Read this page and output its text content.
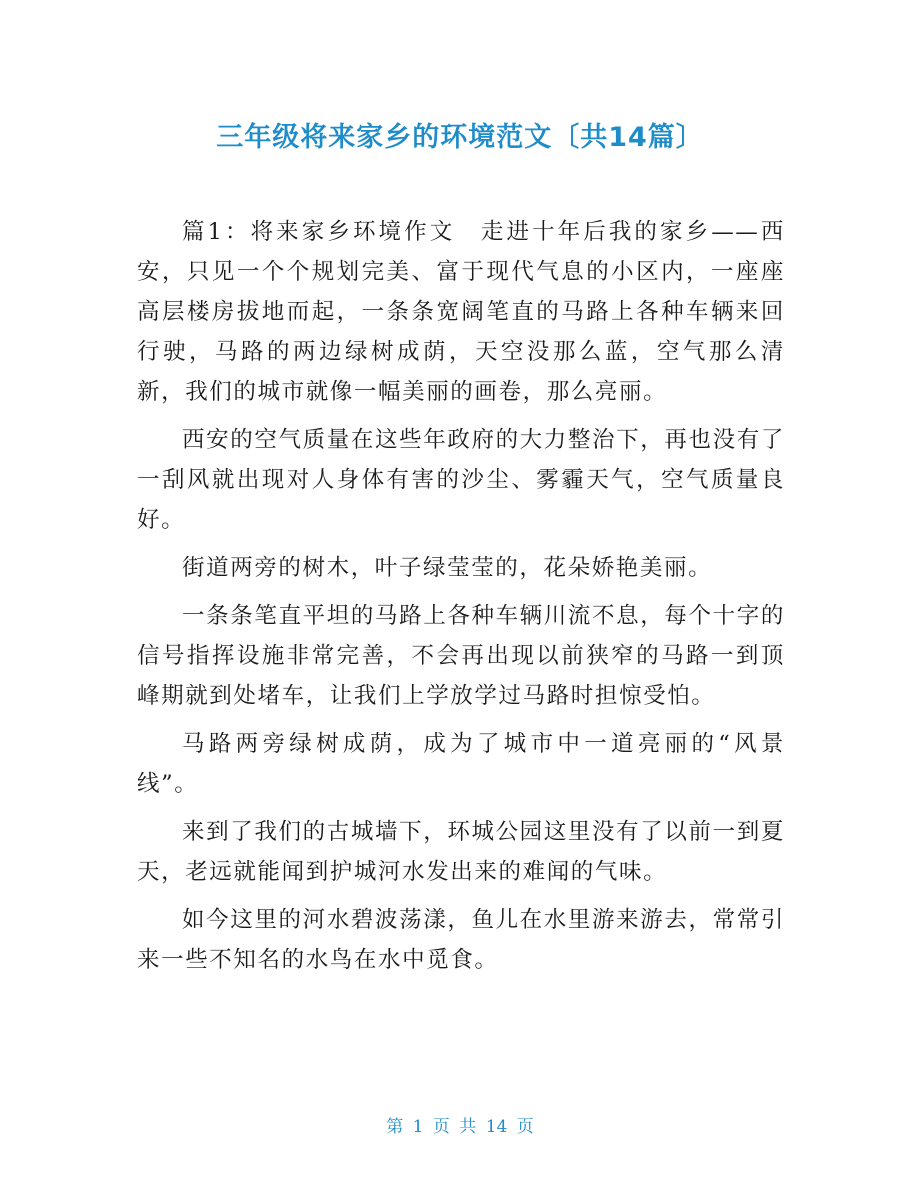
三年级将来家乡的环境范文〔共14篇〕

篇1：将来家乡环境作文　走进十年后我的家乡——西安，只见一个个规划完美、富于现代气息的小区内，一座座高层楼房拔地而起，一条条宽阔笔直的马路上各种车辆来回行驶，马路的两边绿树成荫，天空没那么蓝，空气那么清新，我们的城市就像一幅美丽的画卷，那么亮丽。

西安的空气质量在这些年政府的大力整治下，再也没有了一刮风就出现对人身体有害的沙尘、雾霾天气，空气质量良好。

街道两旁的树木，叶子绿莹莹的，花朵娇艳美丽。

一条条笔直平坦的马路上各种车辆川流不息，每个十字的信号指挥设施非常完善，不会再出现以前狭窄的马路一到顶峰期就到处堵车，让我们上学放学过马路时担惊受怕。

马路两旁绿树成荫，成为了城市中一道亮丽的“风景线”。

来到了我们的古城墙下，环城公园这里没有了以前一到夏天，老远就能闻到护城河水发出来的难闻的气味。

如今这里的河水碧波荡漾，鱼儿在水里游来游去，常常引来一些不知名的水鸟在水中觅食。

第 1 页 共 14 页
